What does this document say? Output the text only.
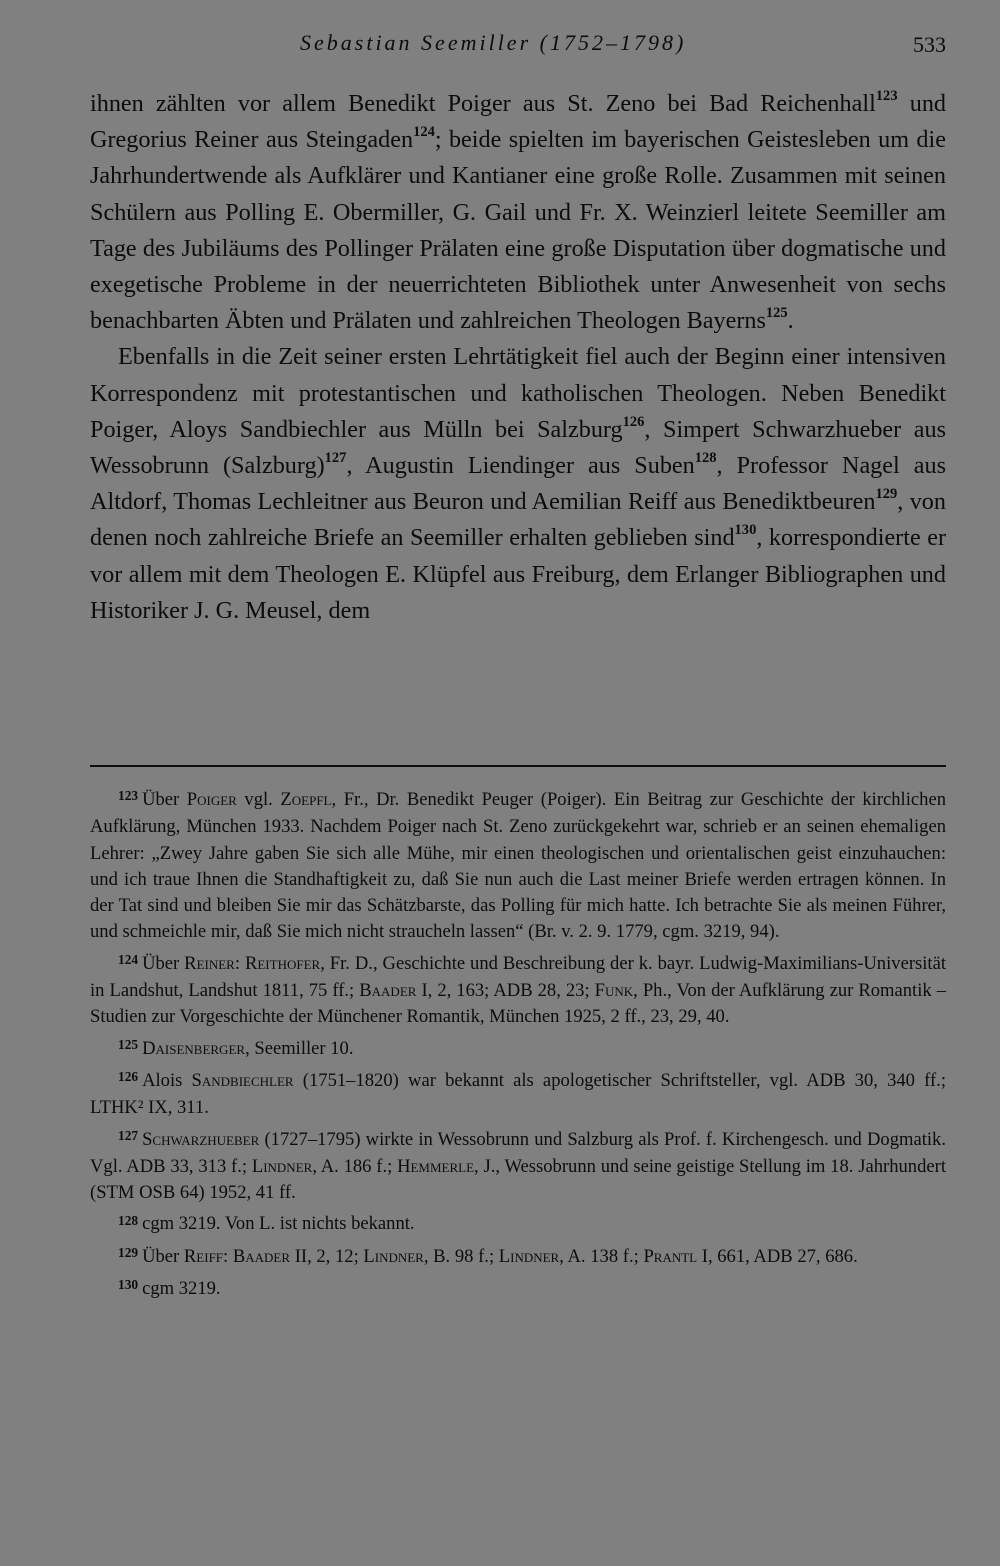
Sebastian Seemiller (1752–1798)	533

ihnen zählten vor allem Benedikt Poiger aus St. Zeno bei Bad Reichenhall$^{123}$ und Gregorius Reiner aus Steingaden$^{124}$; beide spielten im bayerischen Geistesleben um die Jahrhundertwende als Aufklärer und Kantianer eine große Rolle. Zusammen mit seinen Schülern aus Polling E. Obermiller, G. Gail und Fr. X. Weinzierl leitete Seemiller am Tage des Jubiläums des Pollinger Prälaten eine große Disputation über dogmatische und exegetische Probleme in der neuerrichteten Bibliothek unter Anwesenheit von sechs benachbarten Äbten und Prälaten und zahlreichen Theologen Bayerns$^{125}$.

Ebenfalls in die Zeit seiner ersten Lehrtätigkeit fiel auch der Beginn einer intensiven Korrespondenz mit protestantischen und katholischen Theologen. Neben Benedikt Poiger, Aloys Sandbiechler aus Mülln bei Salzburg$^{126}$, Simpert Schwarzhueber aus Wessobrunn (Salzburg)$^{127}$, Augustin Liendinger aus Suben$^{128}$, Professor Nagel aus Altdorf, Thomas Lechleitner aus Beuron und Aemilian Reiff aus Benediktbeuren$^{129}$, von denen noch zahlreiche Briefe an Seemiller erhalten geblieben sind$^{130}$, korrespondierte er vor allem mit dem Theologen E. Klüpfel aus Freiburg, dem Erlanger Bibliographen und Historiker J. G. Meusel, dem

$^{123}$ Über Poiger vgl. Zoepfl, Fr., Dr. Benedikt Peuger (Poiger). Ein Beitrag zur Geschichte der kirchlichen Aufklärung, München 1933. Nachdem Poiger nach St. Zeno zurückgekehrt war, schrieb er an seinen ehemaligen Lehrer: „Zwey Jahre gaben Sie sich alle Mühe, mir einen theologischen und orientalischen geist einzuhauchen: und ich traue Ihnen die Standhaftigkeit zu, daß Sie nun auch die Last meiner Briefe werden ertragen können. In der Tat sind und bleiben Sie mir das Schätzbarste, das Polling für mich hatte. Ich betrachte Sie als meinen Führer, und schmeichle mir, daß Sie mich nicht straucheln lassen“ (Br. v. 2. 9. 1779, cgm. 3219, 94).

$^{124}$ Über Reiner: Reithofer, Fr. D., Geschichte und Beschreibung der k. bayr. Ludwig-Maximilians-Universität in Landshut, Landshut 1811, 75 ff.; Baader I, 2, 163; ADB 28, 23; Funk, Ph., Von der Aufklärung zur Romantik – Studien zur Vorgeschichte der Münchener Romantik, München 1925, 2 ff., 23, 29, 40.

$^{125}$ Daisenberger, Seemiller 10.

$^{126}$ Alois Sandbiechler (1751–1820) war bekannt als apologetischer Schriftsteller, vgl. ADB 30, 340 ff.; LTHK² IX, 311.

$^{127}$ Schwarzhueber (1727–1795) wirkte in Wessobrunn und Salzburg als Prof. f. Kirchengesch. und Dogmatik. Vgl. ADB 33, 313 f.; Lindner, A. 186 f.; Hemmerle, J., Wessobrunn und seine geistige Stellung im 18. Jahrhundert (STM OSB 64) 1952, 41 ff.

$^{128}$ cgm 3219. Von L. ist nichts bekannt.

$^{129}$ Über Reiff: Baader II, 2, 12; Lindner, B. 98 f.; Lindner, A. 138 f.; Prantl I, 661, ADB 27, 686.

$^{130}$ cgm 3219.
